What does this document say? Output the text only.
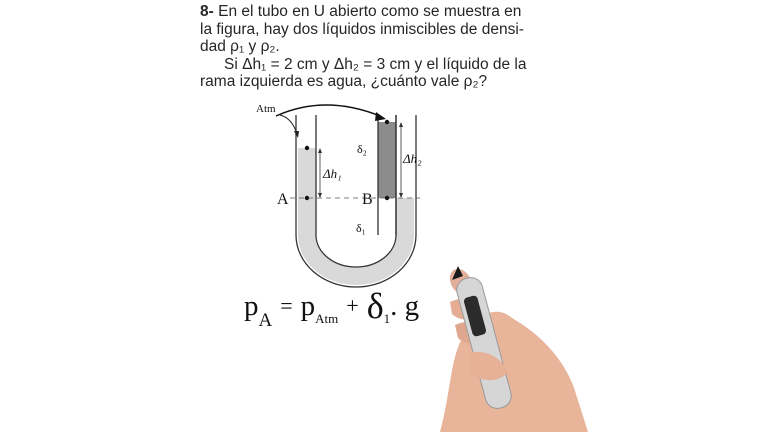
8- En el tubo en U abierto como se muestra en

la figura, hay dos líquidos inmiscibles de densi-

dad ρ₁ y ρ₂.

Si Δh₁ = 2 cm y Δh₂ = 3 cm y el líquido de la

rama izquierda es agua, ¿cuánto vale ρ₂?

Atm
A	B
Δh₁
Δh₂
δ₁
δ₂
pA= pAtm+ δ1. g
